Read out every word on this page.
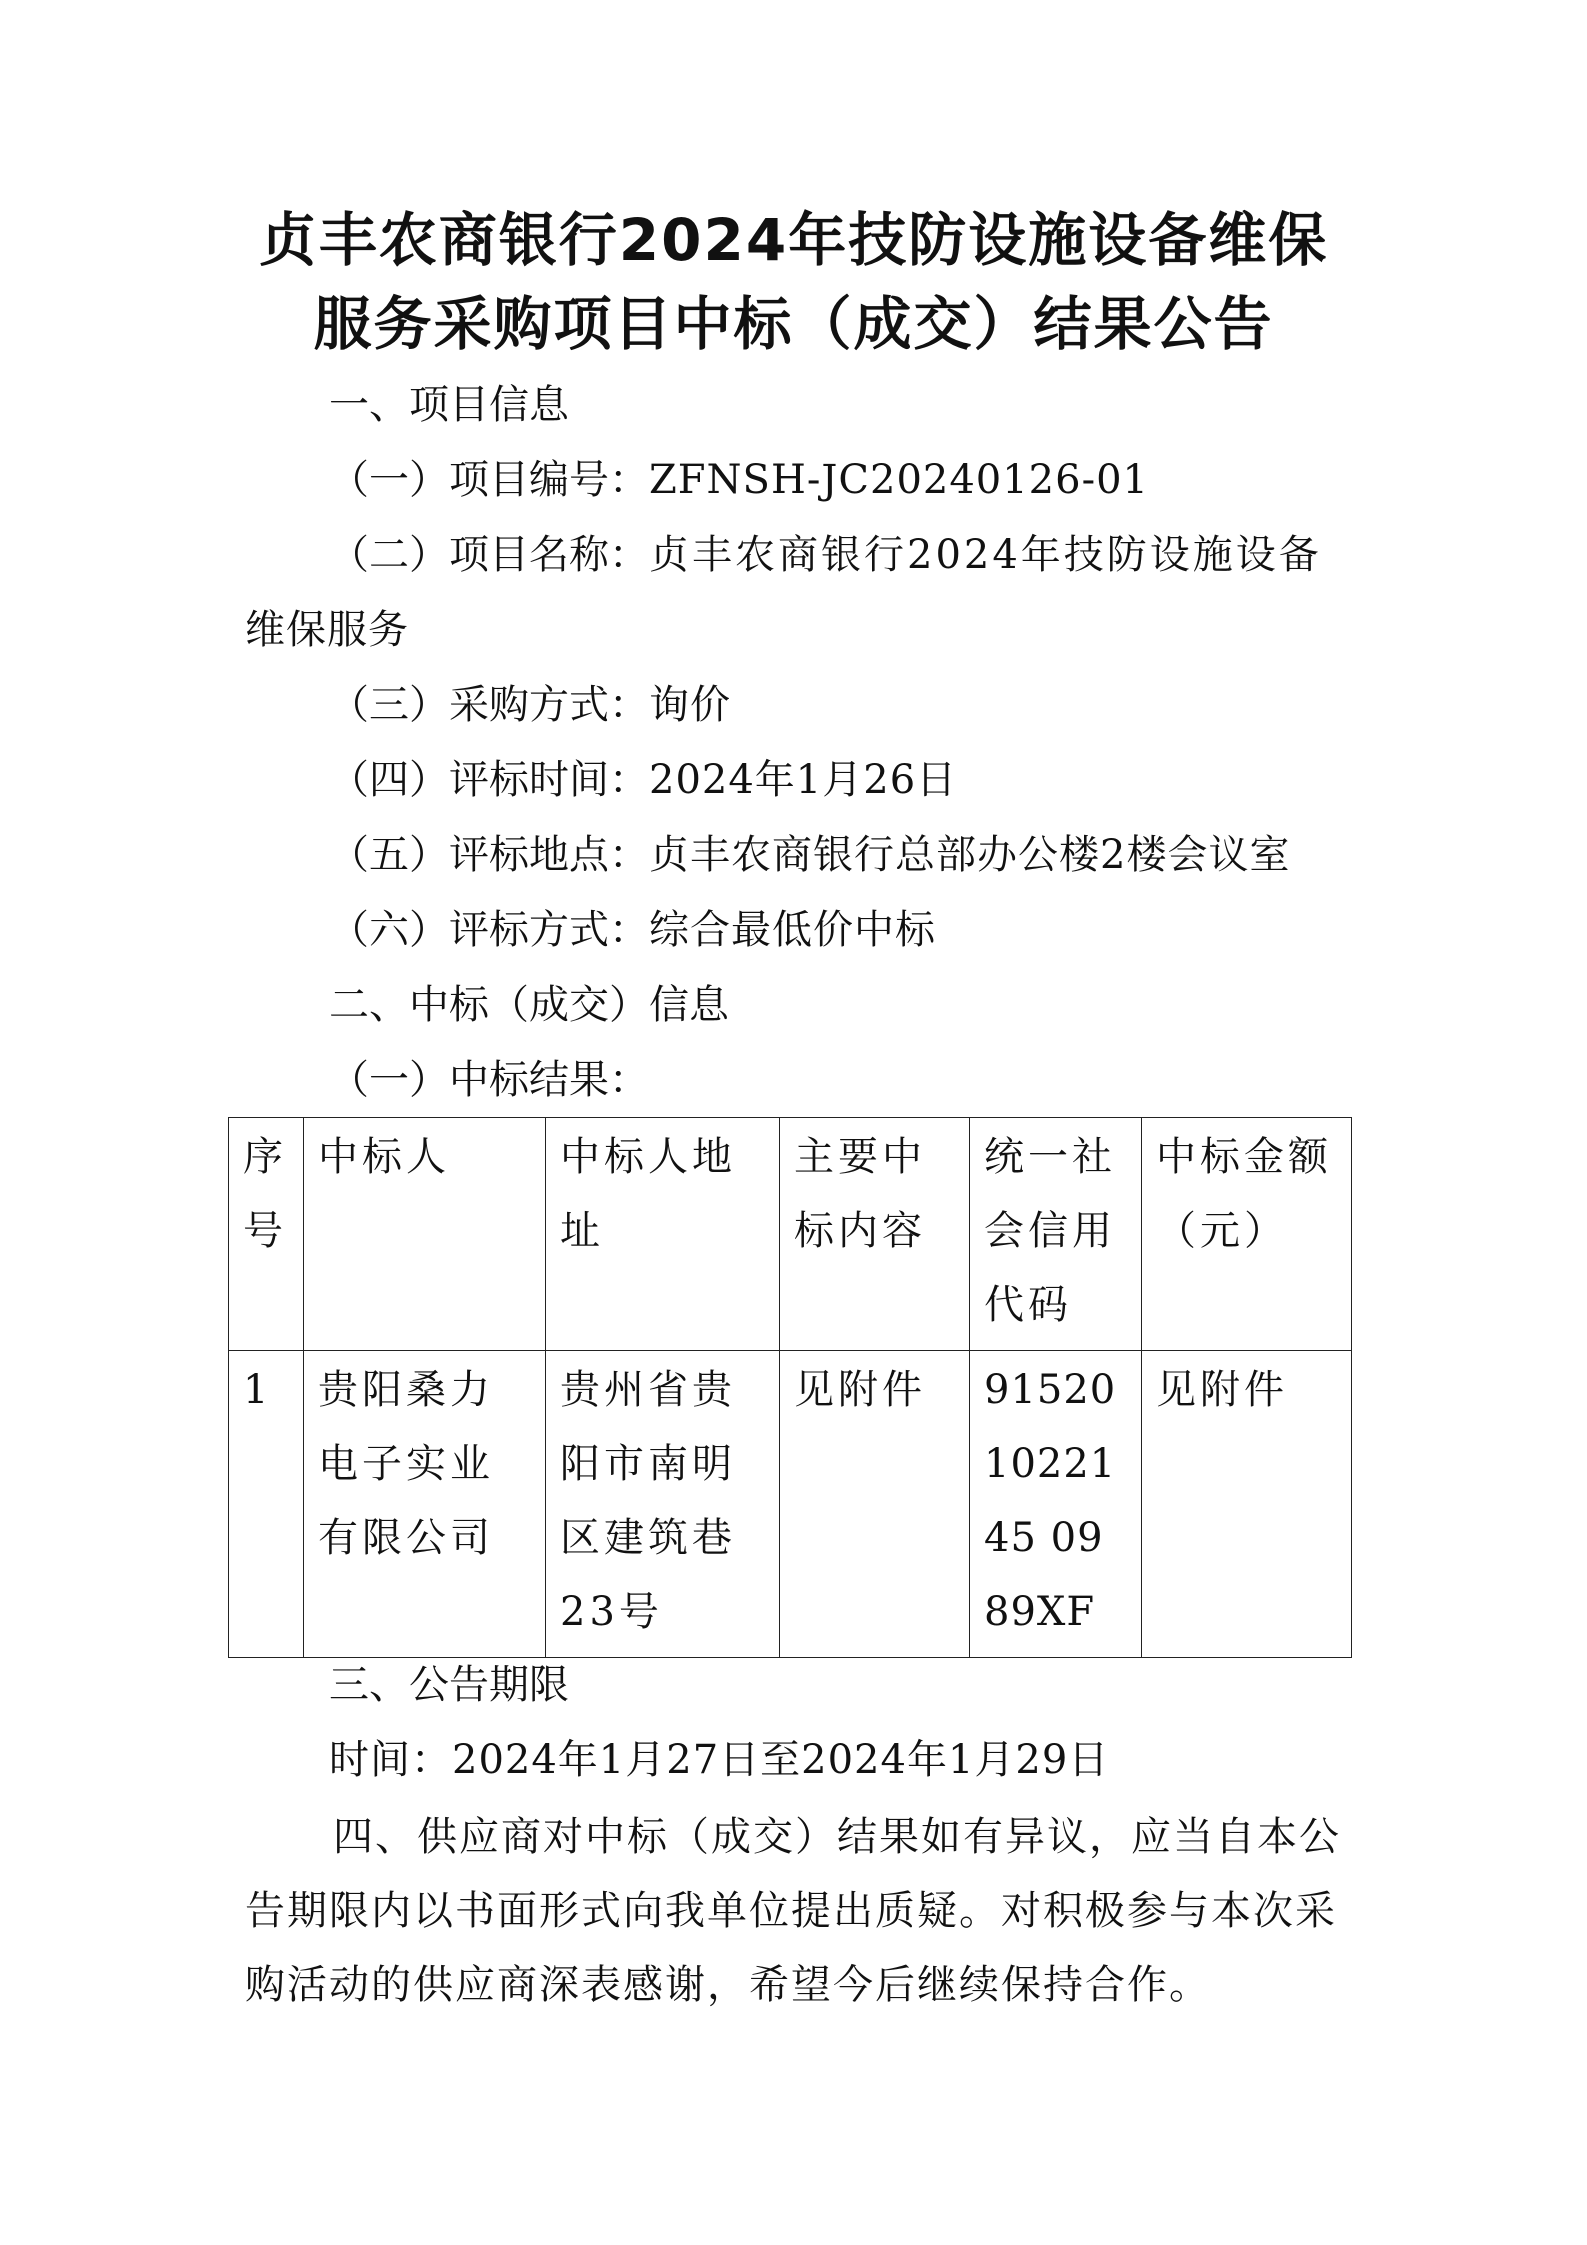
贞丰农商银行2024年技防设施设备维保
服务采购项目中标（成交）结果公告
一、项目信息
（一）项目编号：ZFNSH-JC20240126-01
（二）项目名称：贞丰农商银行2024年技防设施设备
维保服务
（三）采购方式：询价
（四）评标时间：2024年1月26日
（五）评标地点：贞丰农商银行总部办公楼2楼会议室
（六）评标方式：综合最低价中标
二、中标（成交）信息
（一）中标结果：
序号	中标人	中标人地址	主要中标内容	统一社会信用代码	中标金额（元）
1	贵阳桑力电子实业有限公司	贵州省贵阳市南明区建筑巷23号	见附件	915201022145 0989XF	见附件
三、公告期限
时间：2024年1月27日至2024年1月29日
四、供应商对中标（成交）结果如有异议，应当自本公告期限内以书面形式向我单位提出质疑。对积极参与本次采购活动的供应商深表感谢，希望今后继续保持合作。
